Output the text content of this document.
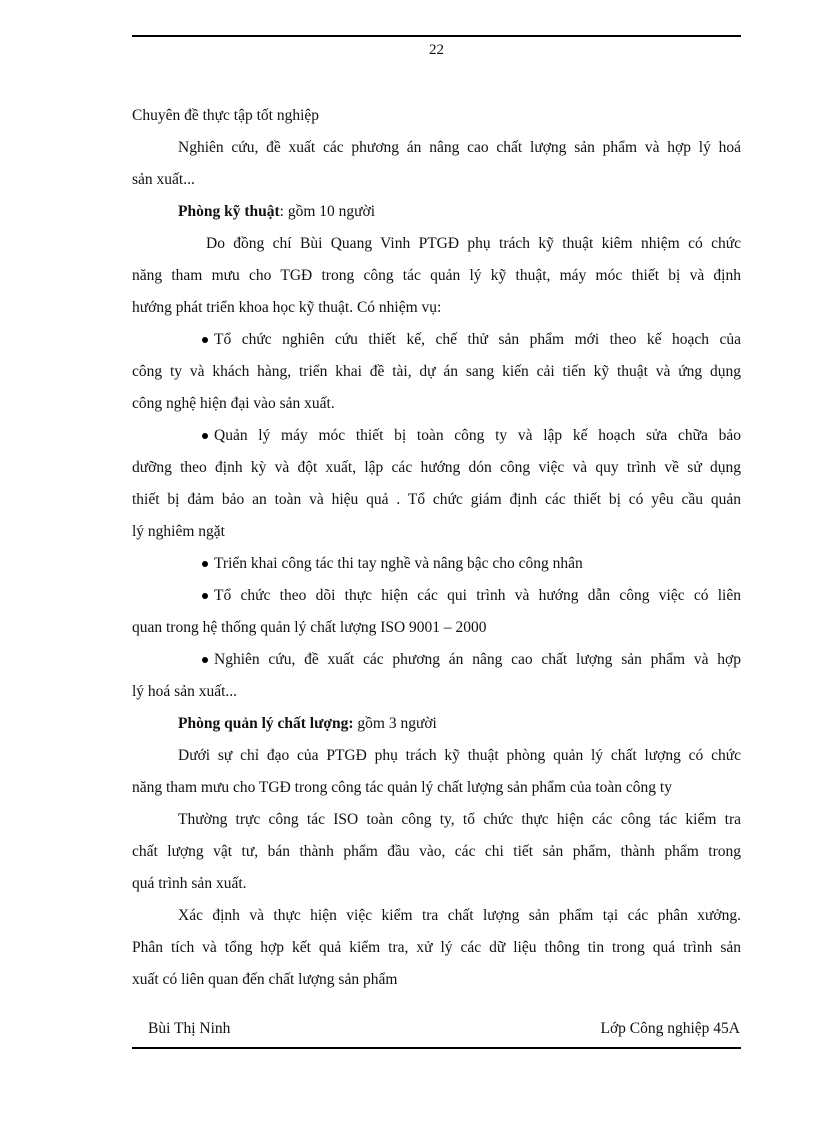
22
Chuyên đề thực tập tốt nghiệp
Nghiên cứu, đề xuất các phương án nâng cao chất lượng sản phẩm và hợp lý hoá
sản xuất...
Phòng kỹ thuật: gồm 10 người
Do đồng chí Bùi Quang Vinh PTGĐ phụ trách kỹ thuật kiêm nhiệm có chức
năng tham mưu cho TGĐ trong công tác quản lý kỹ thuật, máy móc thiết bị và định
hướng phát triển khoa học kỹ thuật. Có nhiệm vụ:
Tổ chức nghiên cứu thiết kế, chế thử sản phẩm mới theo kế hoạch của
công ty và khách hàng, triển khai đề tài, dự án sang kiến cải tiến kỹ thuật và ứng dụng
công nghệ hiện đại vào sản xuất.
Quản lý máy móc thiết bị toàn công ty và lập kế hoạch sửa chữa bảo
dưỡng theo định kỳ và đột xuất, lập các hướng dón công việc và quy trình về sử dụng
thiết bị đảm bảo an toàn và hiệu quả . Tổ chức giám định các thiết bị có yêu cầu quản
lý nghiêm ngặt
Triển khai công tác thi tay nghề và nâng bậc cho công nhân
Tổ chức theo dõi thực hiện các qui trình và hướng dẫn công việc có liên
quan trong hệ thống quản lý chất lượng ISO 9001 – 2000
Nghiên cứu, đề xuất các phương án nâng cao chất lượng sản phẩm và hợp
lý hoá sản xuất...
Phòng quản lý chất lượng: gồm 3 người
Dưới sự chỉ đạo của PTGĐ phụ trách kỹ thuật phòng quản lý chất lượng có chức
năng tham mưu cho TGĐ trong công tác quản lý chất lượng sản phẩm của toàn công ty
Thường trực công tác ISO toàn công ty, tổ chức thực hiện các công tác kiểm tra
chất lượng vật tư, bán thành phẩm đầu vào, các chi tiết sản phẩm, thành phẩm trong
quá trình sản xuất.
Xác định và thực hiện việc kiểm tra chất lượng sản phẩm tại các phân xưởng.
Phân tích và tổng hợp kết quả kiểm tra, xử lý các dữ liệu thông tin trong quá trình sản
xuất có liên quan đến chất lượng sản phẩm
Bùi Thị Ninh	Lớp Công nghiệp 45A
